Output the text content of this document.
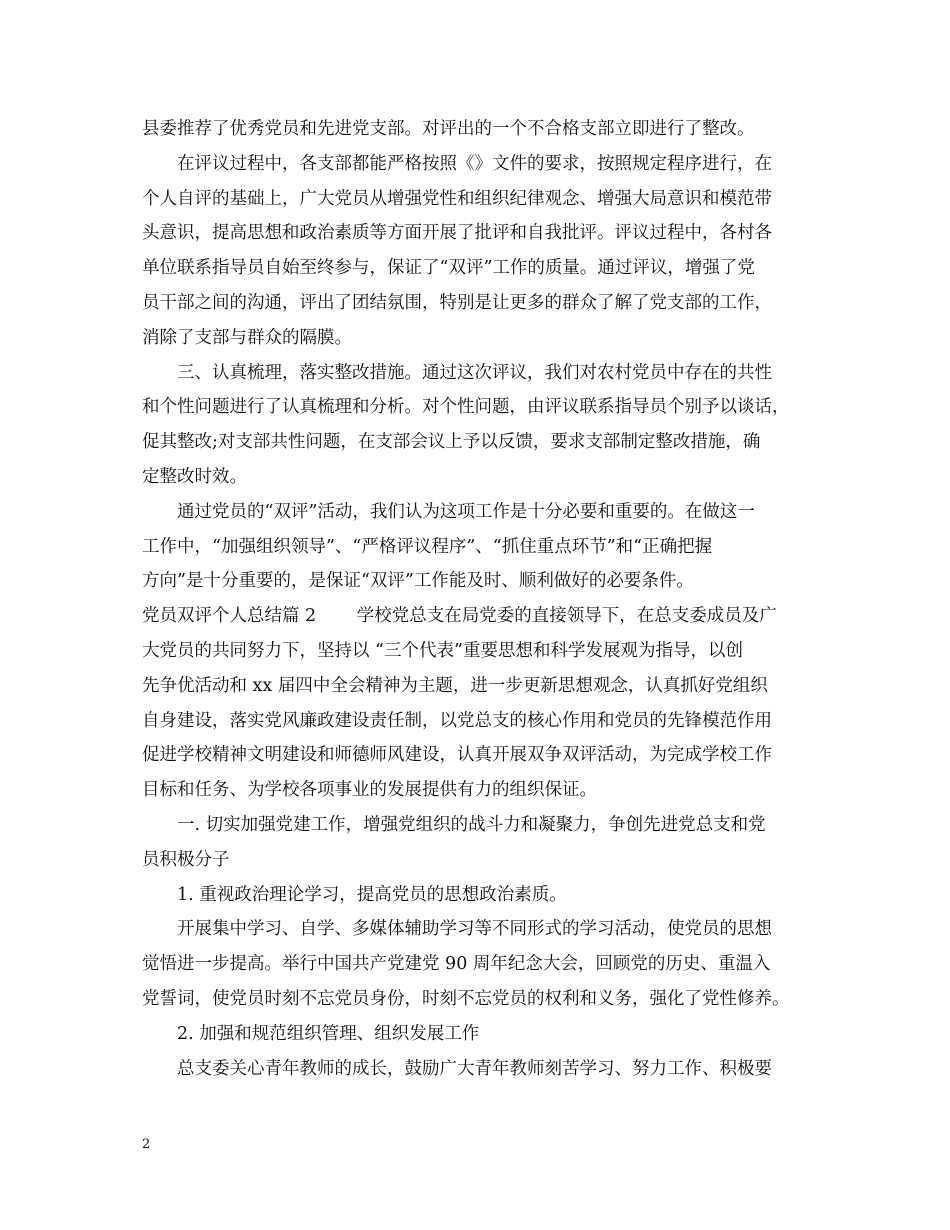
县委推荐了优秀党员和先进党支部。对评出的一个不合格支部立即进行了整改。
在评议过程中，各支部都能严格按照《》文件的要求，按照规定程序进行，在
个人自评的基础上，广大党员从增强党性和组织纪律观念、增强大局意识和模范带
头意识，提高思想和政治素质等方面开展了批评和自我批评。评议过程中，各村各
单位联系指导员自始至终参与，保证了“双评”工作的质量。通过评议，增强了党
员干部之间的沟通，评出了团结氛围，特别是让更多的群众了解了党支部的工作，
消除了支部与群众的隔膜。
三、认真梳理，落实整改措施。通过这次评议，我们对农村党员中存在的共性
和个性问题进行了认真梳理和分析。对个性问题，由评议联系指导员个别予以谈话，
促其整改;对支部共性问题，在支部会议上予以反馈，要求支部制定整改措施，确
定整改时效。
通过党员的“双评”活动，我们认为这项工作是十分必要和重要的。在做这一
工作中，“加强组织领导”、“严格评议程序”、“抓住重点环节”和“正确把握
方向”是十分重要的，是保证“双评”工作能及时、顺利做好的必要条件。
党员双评个人总结篇 2　　 学校党总支在局党委的直接领导下，在总支委成员及广
大党员的共同努力下，坚持以 “三个代表”重要思想和科学发展观为指导，以创
先争优活动和 xx 届四中全会精神为主题，进一步更新思想观念，认真抓好党组织
自身建设，落实党风廉政建设责任制，以党总支的核心作用和党员的先锋模范作用
促进学校精神文明建设和师德师风建设，认真开展双争双评活动，为完成学校工作
目标和任务、为学校各项事业的发展提供有力的组织保证。
一. 切实加强党建工作，增强党组织的战斗力和凝聚力，争创先进党总支和党
员积极分子
1. 重视政治理论学习，提高党员的思想政治素质。
开展集中学习、自学、多媒体辅助学习等不同形式的学习活动，使党员的思想
觉悟进一步提高。举行中国共产党建党 90 周年纪念大会，回顾党的历史、重温入
党誓词，使党员时刻不忘党员身份，时刻不忘党员的权利和义务，强化了党性修养。
2. 加强和规范组织管理、组织发展工作
总支委关心青年教师的成长，鼓励广大青年教师刻苦学习、努力工作、积极要
2
